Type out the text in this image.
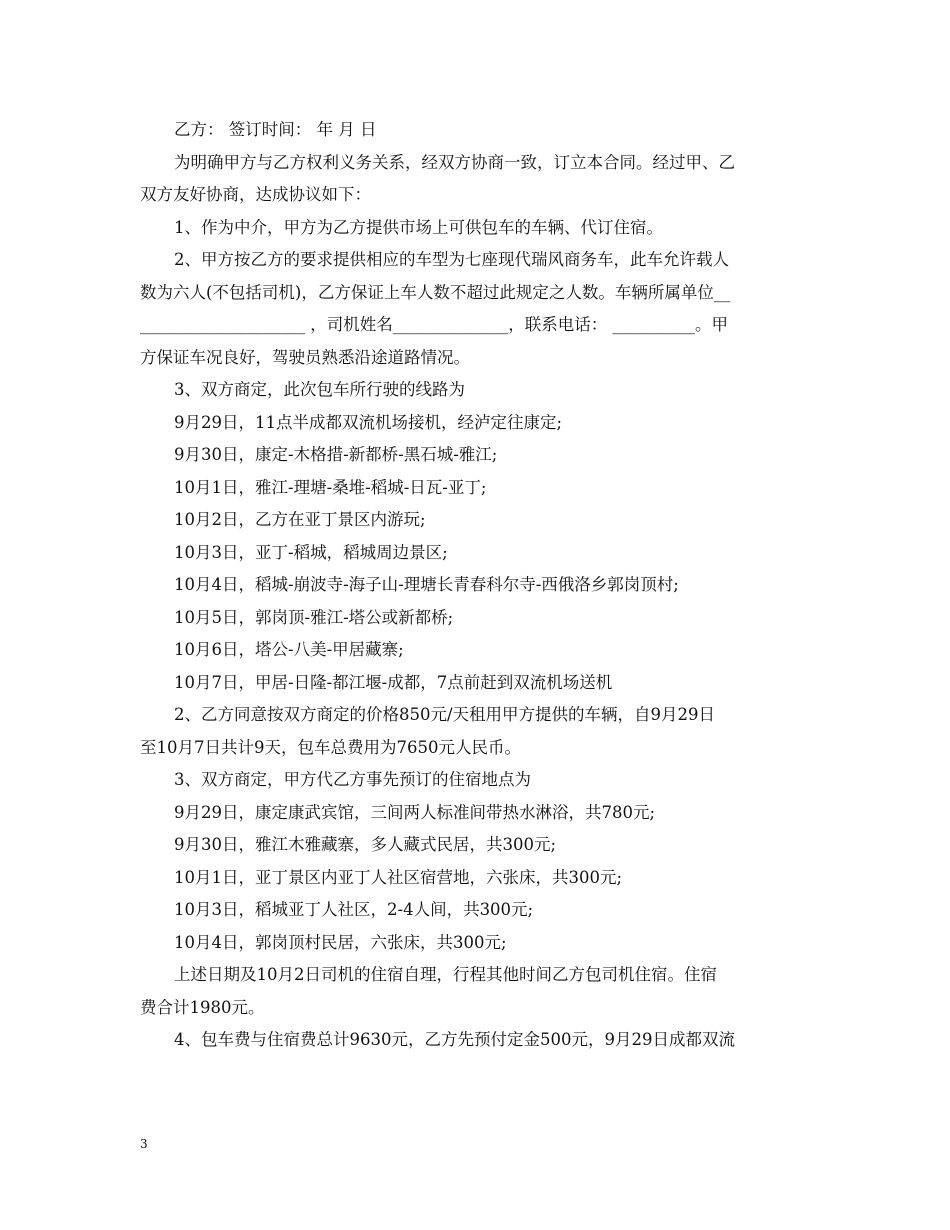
乙方： 签订时间： 年 月 日
为明确甲方与乙方权利义务关系，经双方协商一致，订立本合同。经过甲、乙
双方友好协商，达成协议如下：
1、作为中介，甲方为乙方提供市场上可供包车的车辆、代订住宿。
2、甲方按乙方的要求提供相应的车型为七座现代瑞风商务车，此车允许载人
数为六人(不包括司机)，乙方保证上车人数不超过此规定之人数。车辆所属单位__
____________________ ，司机姓名______________，联系电话： __________。甲
方保证车况良好，驾驶员熟悉沿途道路情况。
3、双方商定，此次包车所行驶的线路为
9月29日，11点半成都双流机场接机，经泸定往康定;
9月30日，康定-木格措-新都桥-黑石城-雅江;
10月1日，雅江-理塘-桑堆-稻城-日瓦-亚丁;
10月2日，乙方在亚丁景区内游玩;
10月3日，亚丁-稻城，稻城周边景区;
10月4日，稻城-崩波寺-海子山-理塘长青春科尔寺-西俄洛乡郭岗顶村;
10月5日，郭岗顶-雅江-塔公或新都桥;
10月6日，塔公-八美-甲居藏寨;
10月7日，甲居-日隆-都江堰-成都，7点前赶到双流机场送机
2、乙方同意按双方商定的价格850元/天租用甲方提供的车辆，自9月29日
至10月7日共计9天，包车总费用为7650元人民币。
3、双方商定，甲方代乙方事先预订的住宿地点为
9月29日，康定康武宾馆，三间两人标准间带热水淋浴，共780元;
9月30日，雅江木雅藏寨，多人藏式民居，共300元;
10月1日，亚丁景区内亚丁人社区宿营地，六张床，共300元;
10月3日，稻城亚丁人社区，2-4人间，共300元;
10月4日，郭岗顶村民居，六张床，共300元;
上述日期及10月2日司机的住宿自理，行程其他时间乙方包司机住宿。住宿
费合计1980元。
4、包车费与住宿费总计9630元，乙方先预付定金500元，9月29日成都双流
3
